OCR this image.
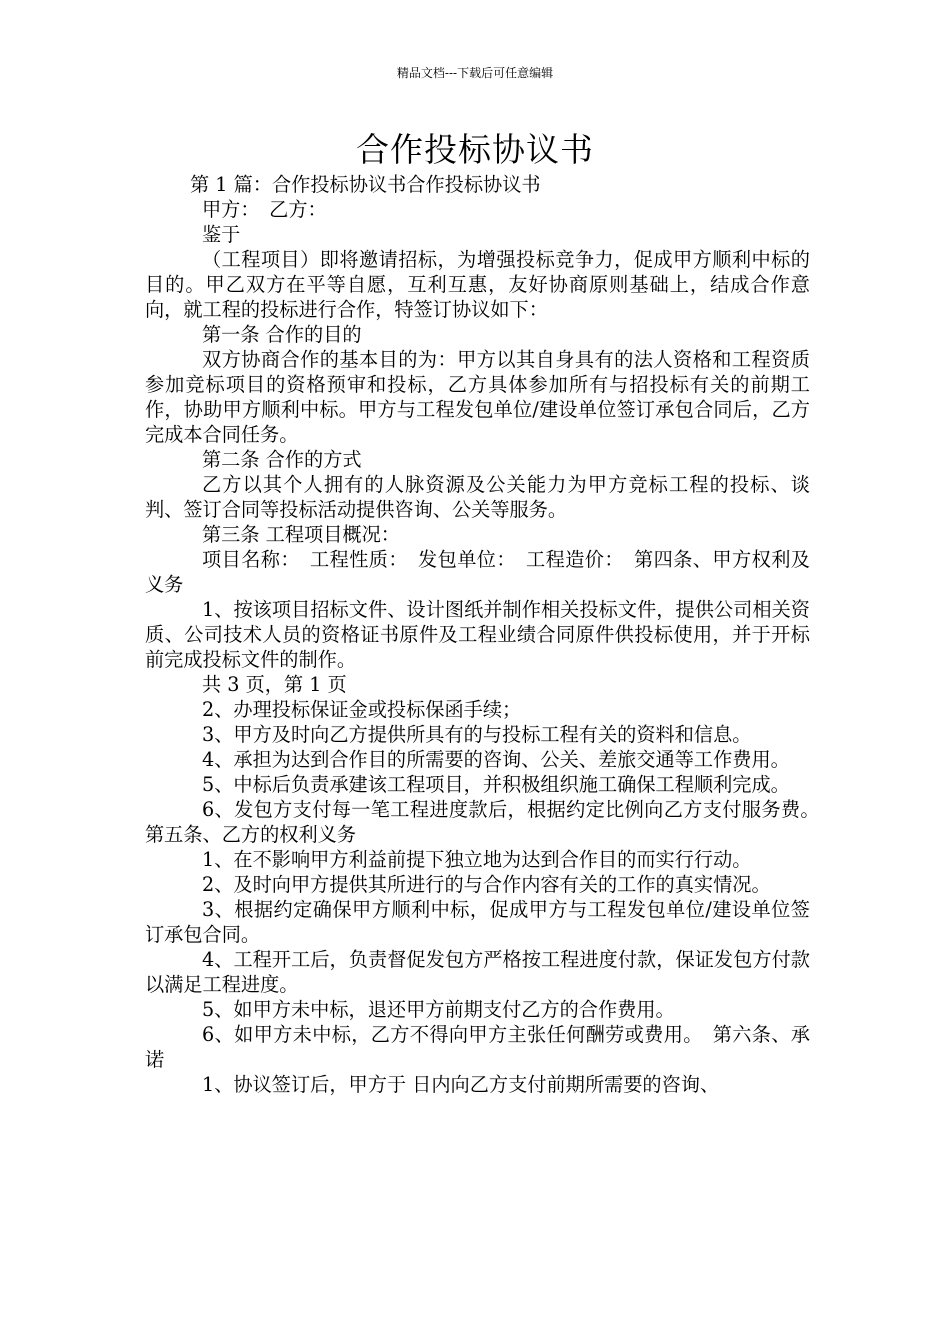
精品文档---下载后可任意编辑
合作投标协议书

第 1 篇：合作投标协议书合作投标协议书

甲方：　乙方：

鉴于

（工程项目）即将邀请招标，为增强投标竞争力，促成甲方顺利中标的目的。甲乙双方在平等自愿，互利互惠，友好协商原则基础上，结成合作意向，就工程的投标进行合作，特签订协议如下：

第一条 合作的目的

双方协商合作的基本目的为：甲方以其自身具有的法人资格和工程资质参加竞标项目的资格预审和投标，乙方具体参加所有与招投标有关的前期工作，协助甲方顺利中标。甲方与工程发包单位/建设单位签订承包合同后，乙方完成本合同任务。

第二条 合作的方式

乙方以其个人拥有的人脉资源及公关能力为甲方竞标工程的投标、谈判、签订合同等投标活动提供咨询、公关等服务。

第三条 工程项目概况：

项目名称：　工程性质：　发包单位：　工程造价：　第四条、甲方权利及义务

1、按该项目招标文件、设计图纸并制作相关投标文件，提供公司相关资质、公司技术人员的资格证书原件及工程业绩合同原件供投标使用，并于开标前完成投标文件的制作。

共 3 页，第 1 页

2、办理投标保证金或投标保函手续；

3、甲方及时向乙方提供所具有的与投标工程有关的资料和信息。

4、承担为达到合作目的所需要的咨询、公关、差旅交通等工作费用。

5、中标后负责承建该工程项目，并积极组织施工确保工程顺利完成。

6、发包方支付每一笔工程进度款后，根据约定比例向乙方支付服务费。　第五条、乙方的权利义务

1、在不影响甲方利益前提下独立地为达到合作目的而实行行动。

2、及时向甲方提供其所进行的与合作内容有关的工作的真实情况。

3、根据约定确保甲方顺利中标，促成甲方与工程发包单位/建设单位签订承包合同。

4、工程开工后，负责督促发包方严格按工程进度付款，保证发包方付款以满足工程进度。

5、如甲方未中标，退还甲方前期支付乙方的合作费用。

6、如甲方未中标，乙方不得向甲方主张任何酬劳或费用。　第六条、承诺

1、协议签订后，甲方于 日内向乙方支付前期所需要的咨询、
